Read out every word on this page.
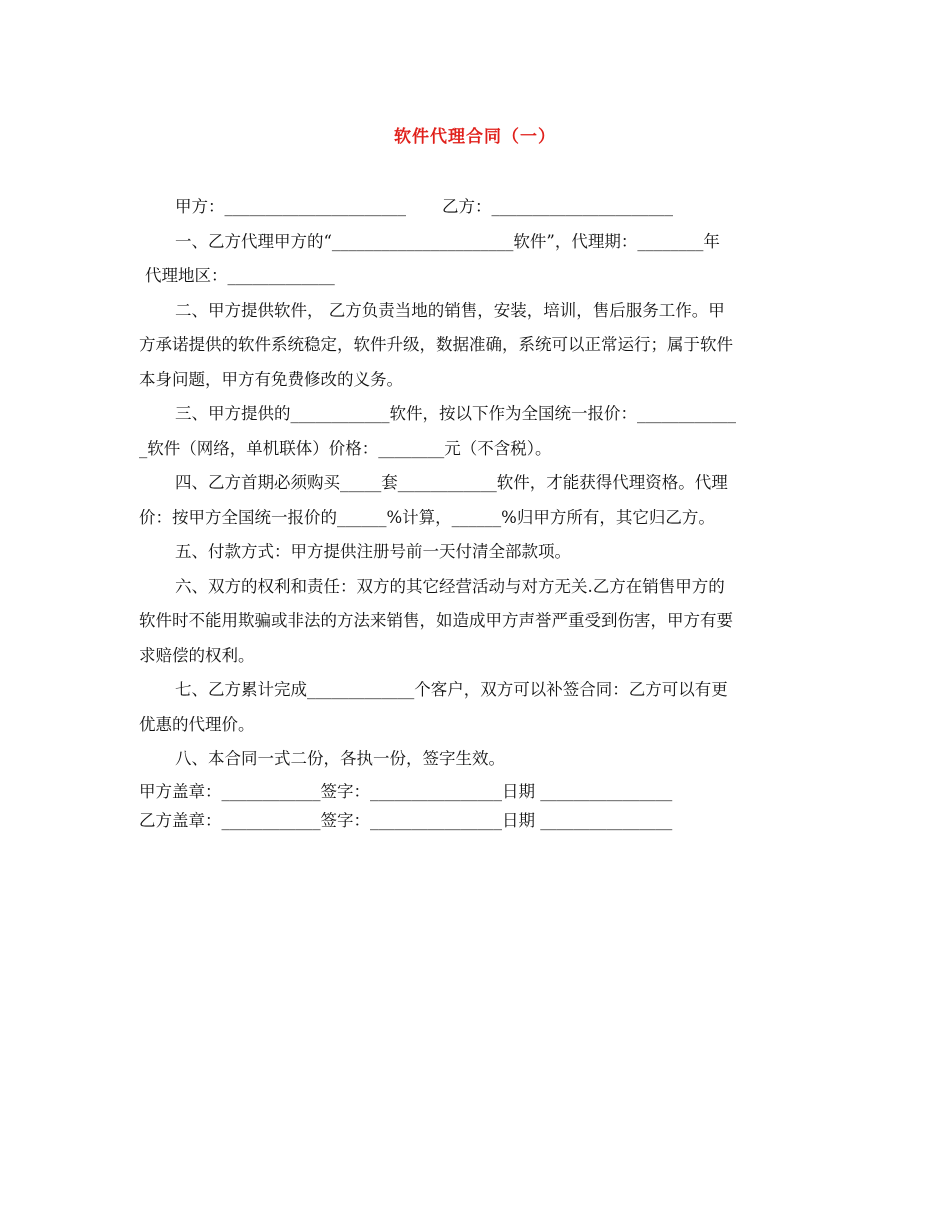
软件代理合同（一）
甲方：______________________ 乙方：______________________
一、乙方代理甲方的“______________________软件”，代理期：________年
代理地区：_____________
二、甲方提供软件， 乙方负责当地的销售，安装，培训，售后服务工作。甲
方承诺提供的软件系统稳定，软件升级，数据准确，系统可以正常运行；属于软件
本身问题，甲方有免费修改的义务。
三、甲方提供的____________软件，按以下作为全国统一报价：____________
_软件（网络，单机联体）价格：________元（不含税）。
四、乙方首期必须购买_____套____________软件，才能获得代理资格。代理
价：按甲方全国统一报价的______%计算，______%归甲方所有，其它归乙方。
五、付款方式：甲方提供注册号前一天付清全部款项。
六、双方的权利和责任：双方的其它经营活动与对方无关.乙方在销售甲方的
软件时不能用欺骗或非法的方法来销售，如造成甲方声誉严重受到伤害，甲方有要
求赔偿的权利。
七、乙方累计完成_____________个客户，双方可以补签合同：乙方可以有更
优惠的代理价。
八、本合同一式二份，各执一份，签字生效。
甲方盖章：____________签字：________________日期 ________________
乙方盖章：____________签字：________________日期 ________________
